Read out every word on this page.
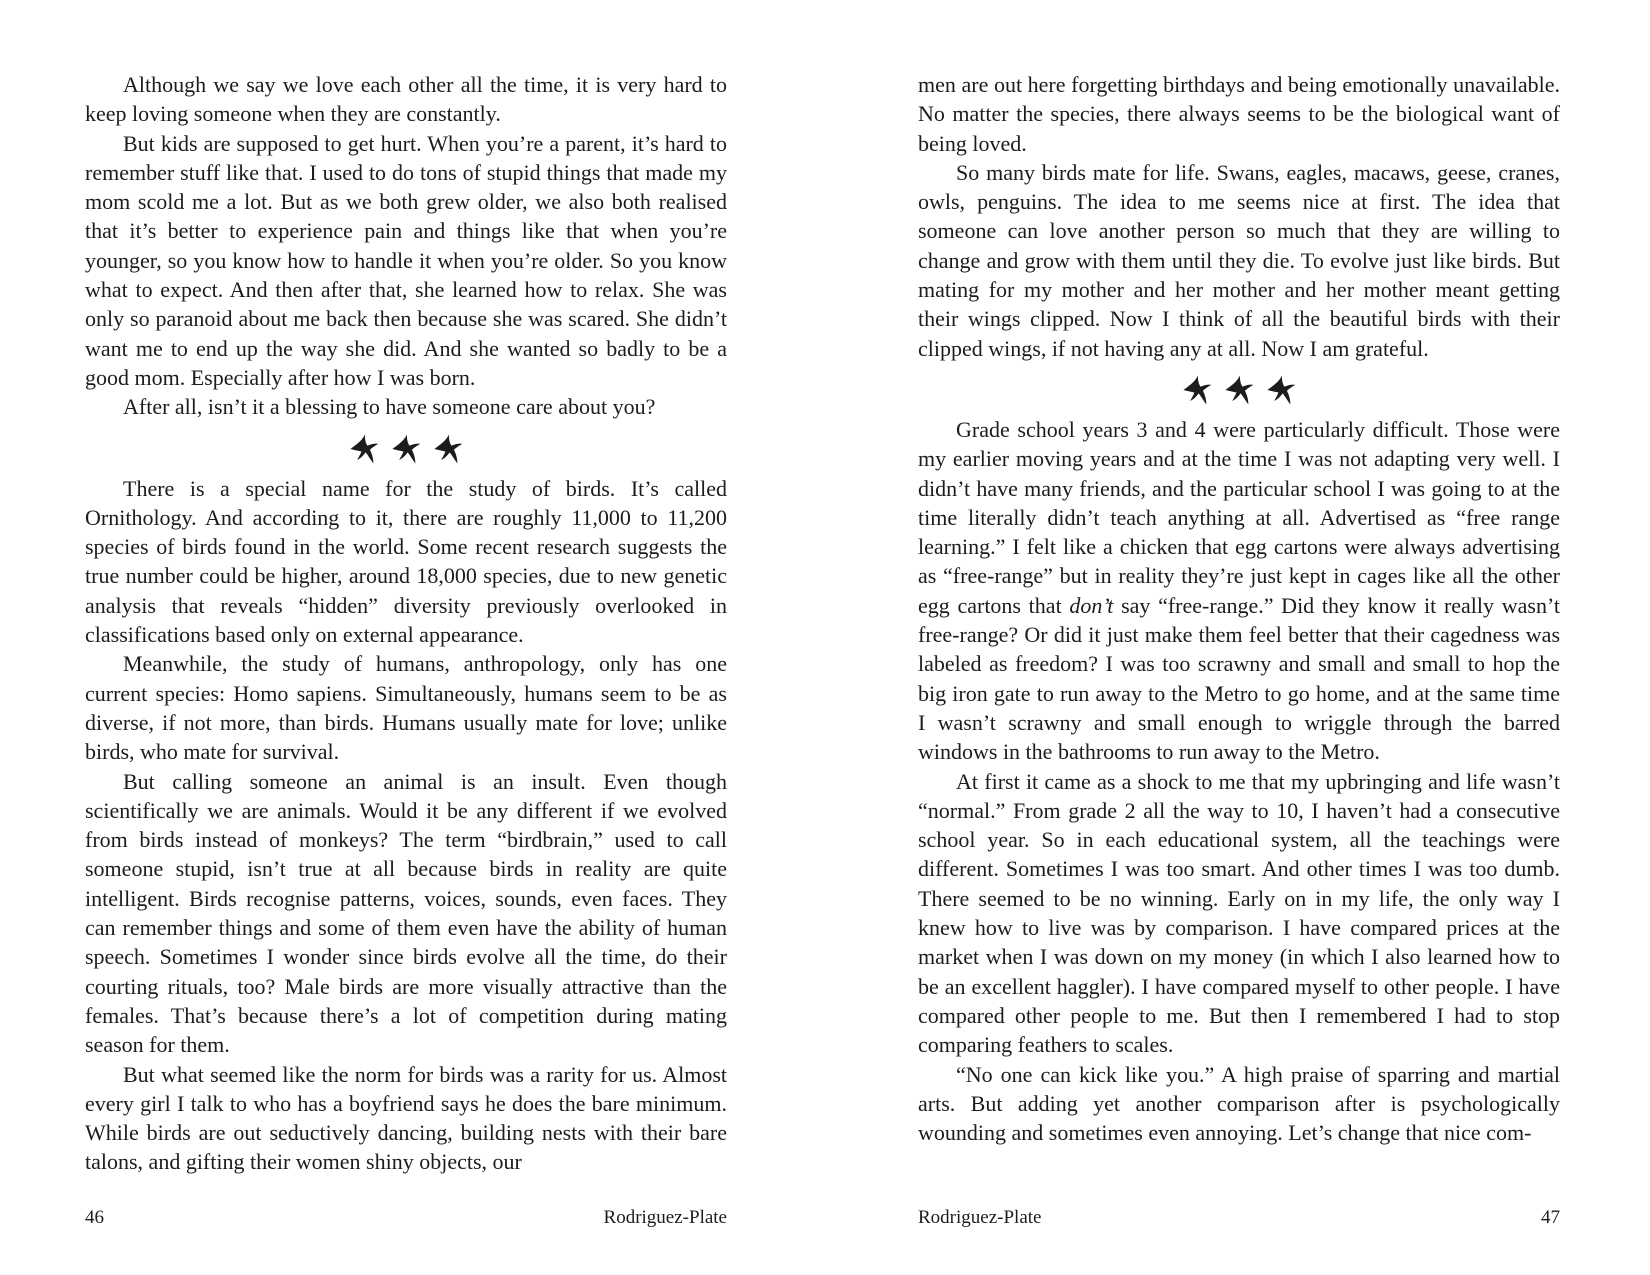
Although we say we love each other all the time, it is very hard to keep loving someone when they are constantly.

But kids are supposed to get hurt. When you’re a parent, it’s hard to remember stuff like that. I used to do tons of stupid things that made my mom scold me a lot. But as we both grew older, we also both realised that it’s better to experience pain and things like that when you’re younger, so you know how to handle it when you’re older. So you know what to expect. And then after that, she learned how to relax. She was only so paranoid about me back then because she was scared. She didn’t want me to end up the way she did. And she wanted so badly to be a good mom. Especially after how I was born.

After all, isn’t it a blessing to have someone care about you?

There is a special name for the study of birds. It’s called Ornithology. And according to it, there are roughly 11,000 to 11,200 species of birds found in the world. Some recent research suggests the true number could be higher, around 18,000 species, due to new genetic analysis that reveals “hidden” diversity previously overlooked in classifications based only on external appearance.

Meanwhile, the study of humans, anthropology, only has one current species: Homo sapiens. Simultaneously, humans seem to be as diverse, if not more, than birds. Humans usually mate for love; unlike birds, who mate for survival.

But calling someone an animal is an insult. Even though scientifically we are animals. Would it be any different if we evolved from birds instead of monkeys? The term “birdbrain,” used to call someone stupid, isn’t true at all because birds in reality are quite intelligent. Birds recognise patterns, voices, sounds, even faces. They can remember things and some of them even have the ability of human speech. Sometimes I wonder since birds evolve all the time, do their courting rituals, too? Male birds are more visually attractive than the females. That’s because there’s a lot of competition during mating season for them.

But what seemed like the norm for birds was a rarity for us. Almost every girl I talk to who has a boyfriend says he does the bare minimum. While birds are out seductively dancing, building nests with their bare talons, and gifting their women shiny objects, our

46	Rodriguez-Plate

men are out here forgetting birthdays and being emotionally unavailable. No matter the species, there always seems to be the biological want of being loved.

So many birds mate for life. Swans, eagles, macaws, geese, cranes, owls, penguins. The idea to me seems nice at first. The idea that someone can love another person so much that they are willing to change and grow with them until they die. To evolve just like birds. But mating for my mother and her mother and her mother meant getting their wings clipped. Now I think of all the beautiful birds with their clipped wings, if not having any at all. Now I am grateful.

Grade school years 3 and 4 were particularly difficult. Those were my earlier moving years and at the time I was not adapting very well. I didn’t have many friends, and the particular school I was going to at the time literally didn’t teach anything at all. Advertised as “free range learning.” I felt like a chicken that egg cartons were always advertising as “free-range” but in reality they’re just kept in cages like all the other egg cartons that don’t say “free-range.” Did they know it really wasn’t free-range? Or did it just make them feel better that their cagedness was labeled as freedom? I was too scrawny and small and small to hop the big iron gate to run away to the Metro to go home, and at the same time I wasn’t scrawny and small enough to wriggle through the barred windows in the bathrooms to run away to the Metro.

At first it came as a shock to me that my upbringing and life wasn’t “normal.” From grade 2 all the way to 10, I haven’t had a consecutive school year. So in each educational system, all the teachings were different. Sometimes I was too smart. And other times I was too dumb. There seemed to be no winning. Early on in my life, the only way I knew how to live was by comparison. I have compared prices at the market when I was down on my money (in which I also learned how to be an excellent haggler). I have compared myself to other people. I have compared other people to me. But then I remembered I had to stop comparing feathers to scales.

“No one can kick like you.” A high praise of sparring and martial arts. But adding yet another comparison after is psychologically wounding and sometimes even annoying. Let’s change that nice com-

Rodriguez-Plate	47
